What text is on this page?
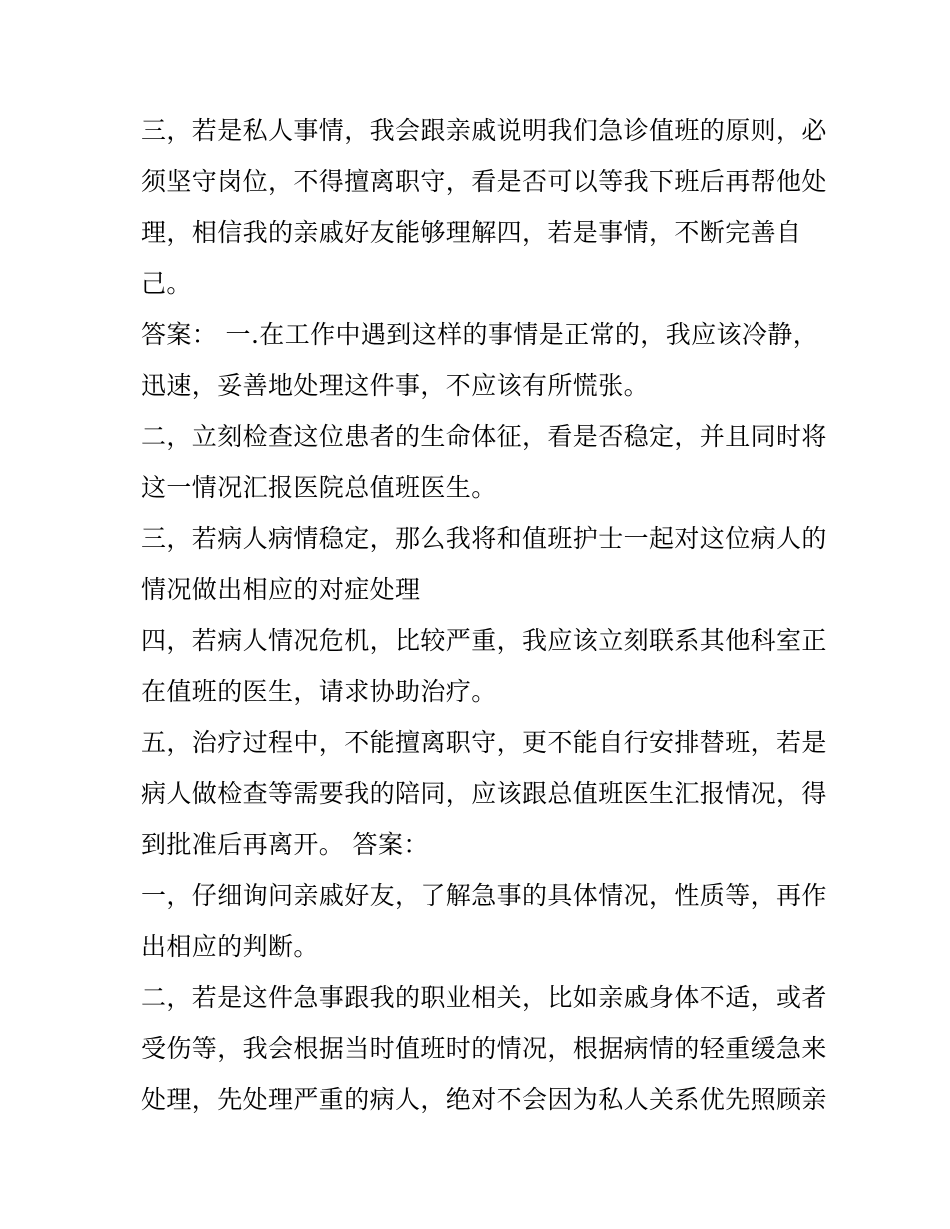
三，若是私人事情，我会跟亲戚说明我们急诊值班的原则，必
须坚守岗位，不得擅离职守，看是否可以等我下班后再帮他处
理，相信我的亲戚好友能够理解四，若是事情，不断完善自
己。
答案： 一.在工作中遇到这样的事情是正常的，我应该冷静，
迅速，妥善地处理这件事，不应该有所慌张。
二，立刻检查这位患者的生命体征，看是否稳定，并且同时将
这一情况汇报医院总值班医生。
三，若病人病情稳定，那么我将和值班护士一起对这位病人的
情况做出相应的对症处理
四，若病人情况危机，比较严重，我应该立刻联系其他科室正
在值班的医生，请求协助治疗。
五，治疗过程中，不能擅离职守，更不能自行安排替班，若是
病人做检查等需要我的陪同，应该跟总值班医生汇报情况，得
到批准后再离开。 答案：
一，仔细询问亲戚好友，了解急事的具体情况，性质等，再作
出相应的判断。
二，若是这件急事跟我的职业相关，比如亲戚身体不适，或者
受伤等，我会根据当时值班时的情况，根据病情的轻重缓急来
处理，先处理严重的病人，绝对不会因为私人关系优先照顾亲
